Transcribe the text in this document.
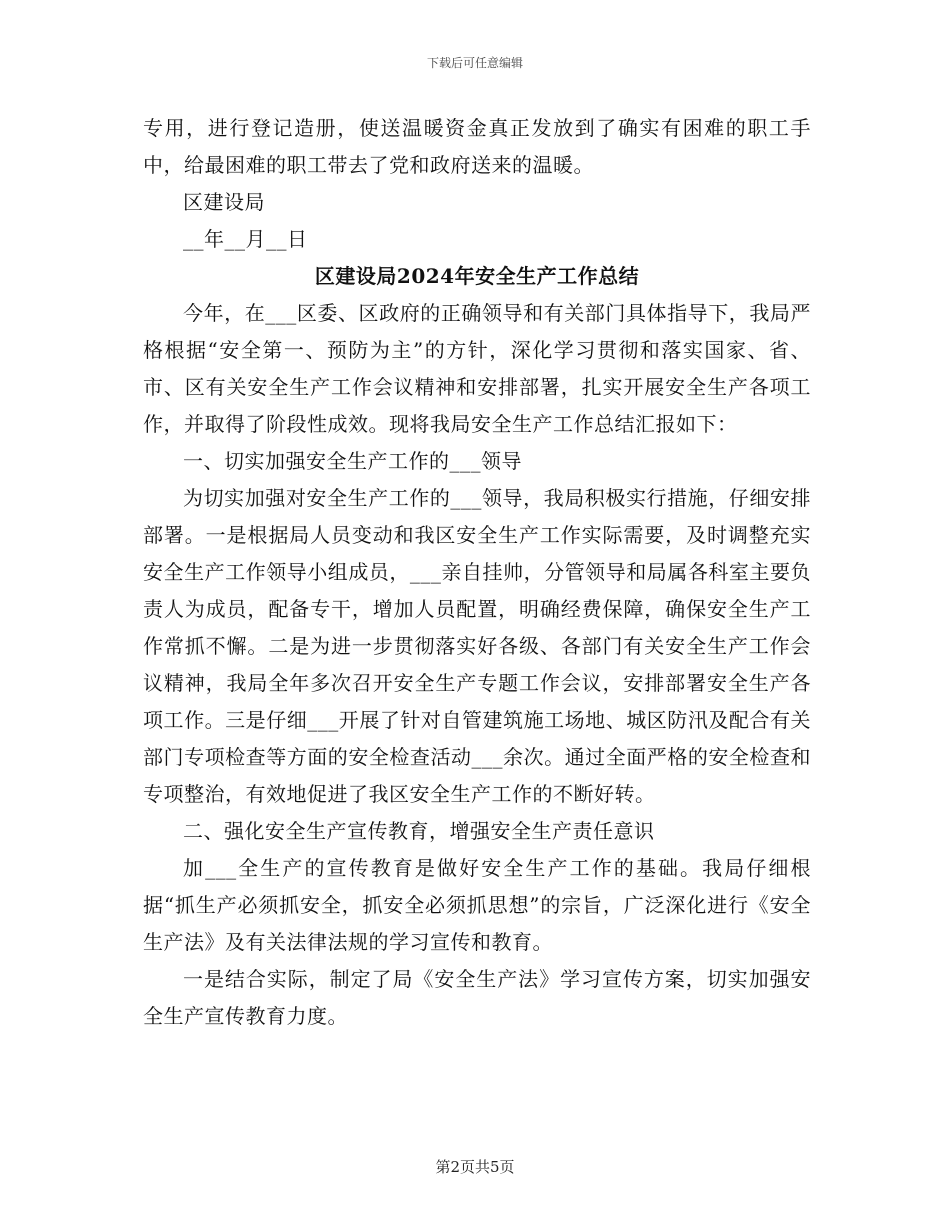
下载后可任意编辑

专用，进行登记造册，使送温暖资金真正发放到了确实有困难的职工手中，给最困难的职工带去了党和政府送来的温暖。

区建设局

__年__月__日

区建设局2024年安全生产工作总结

今年，在___区委、区政府的正确领导和有关部门具体指导下，我局严格根据“安全第一、预防为主”的方针，深化学习贯彻和落实国家、省、市、区有关安全生产工作会议精神和安排部署，扎实开展安全生产各项工作，并取得了阶段性成效。现将我局安全生产工作总结汇报如下：

一、切实加强安全生产工作的___领导

为切实加强对安全生产工作的___领导，我局积极实行措施，仔细安排部署。一是根据局人员变动和我区安全生产工作实际需要，及时调整充实安全生产工作领导小组成员，___亲自挂帅，分管领导和局属各科室主要负责人为成员，配备专干，增加人员配置，明确经费保障，确保安全生产工作常抓不懈。二是为进一步贯彻落实好各级、各部门有关安全生产工作会议精神，我局全年多次召开安全生产专题工作会议，安排部署安全生产各项工作。三是仔细___开展了针对自管建筑施工场地、城区防汛及配合有关部门专项检查等方面的安全检查活动___余次。通过全面严格的安全检查和专项整治，有效地促进了我区安全生产工作的不断好转。

二、强化安全生产宣传教育，增强安全生产责任意识

加___全生产的宣传教育是做好安全生产工作的基础。我局仔细根据“抓生产必须抓安全，抓安全必须抓思想”的宗旨，广泛深化进行《安全生产法》及有关法律法规的学习宣传和教育。

一是结合实际，制定了局《安全生产法》学习宣传方案，切实加强安全生产宣传教育力度。

第2页共5页
